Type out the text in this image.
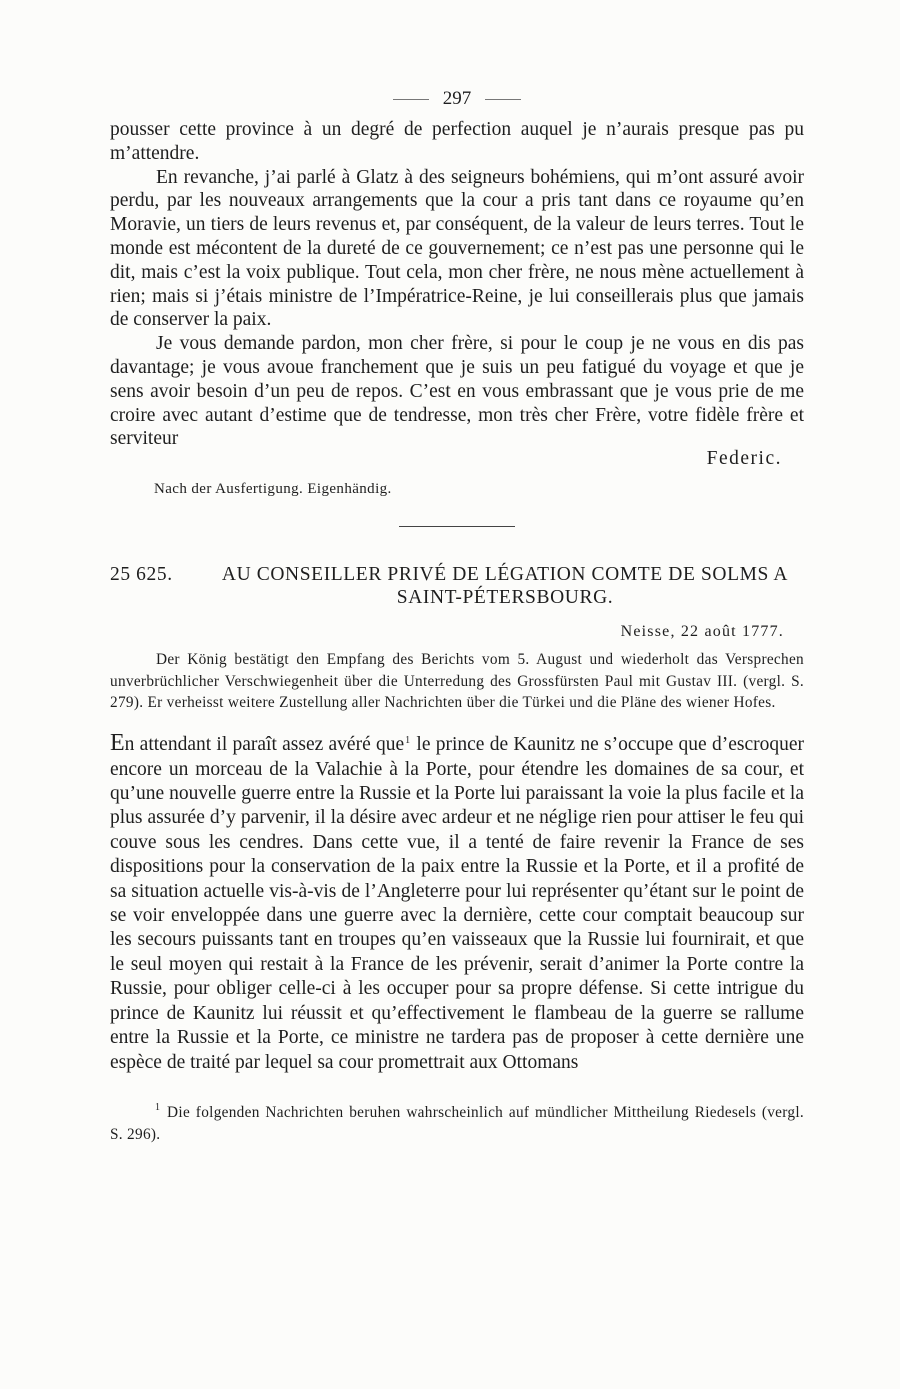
297

pousser cette province à un degré de perfection auquel je n’aurais presque pas pu m’attendre.

En revanche, j’ai parlé à Glatz à des seigneurs bohémiens, qui m’ont assuré avoir perdu, par les nouveaux arrangements que la cour a pris tant dans ce royaume qu’en Moravie, un tiers de leurs revenus et, par conséquent, de la valeur de leurs terres. Tout le monde est mécontent de la dureté de ce gouvernement; ce n’est pas une personne qui le dit, mais c’est la voix publique. Tout cela, mon cher frère, ne nous mène actuellement à rien; mais si j’étais ministre de l’Impératrice-Reine, je lui conseillerais plus que jamais de conserver la paix.

Je vous demande pardon, mon cher frère, si pour le coup je ne vous en dis pas davantage; je vous avoue franchement que je suis un peu fatigué du voyage et que je sens avoir besoin d’un peu de repos. C’est en vous embrassant que je vous prie de me croire avec autant d’estime que de tendresse, mon très cher Frère, votre fidèle frère et serviteur

Federic.
Nach der Ausfertigung. Eigenhändig.
25 625.	AU CONSEILLER PRIVÉ DE LÉGATION COMTE DE SOLMS A SAINT-PÉTERSBOURG.
Neisse, 22 août 1777.

Der König bestätigt den Empfang des Berichts vom 5. August und wiederholt das Versprechen unverbrüchlicher Verschwiegenheit über die Unterredung des Grossfürsten Paul mit Gustav III. (vergl. S. 279). Er verheisst weitere Zustellung aller Nachrichten über die Türkei und die Pläne des wiener Hofes.

En attendant il paraît assez avéré que$^1$ le prince de Kaunitz ne s’occupe que d’escroquer encore un morceau de la Valachie à la Porte, pour étendre les domaines de sa cour, et qu’une nouvelle guerre entre la Russie et la Porte lui paraissant la voie la plus facile et la plus assurée d’y parvenir, il la désire avec ardeur et ne néglige rien pour attiser le feu qui couve sous les cendres. Dans cette vue, il a tenté de faire revenir la France de ses dispositions pour la conservation de la paix entre la Russie et la Porte, et il a profité de sa situation actuelle vis-à-vis de l’Angleterre pour lui représenter qu’étant sur le point de se voir enveloppée dans une guerre avec la dernière, cette cour comptait beaucoup sur les secours puissants tant en troupes qu’en vaisseaux que la Russie lui fournirait, et que le seul moyen qui restait à la France de les prévenir, serait d’animer la Porte contre la Russie, pour obliger celle-ci à les occuper pour sa propre défense. Si cette intrigue du prince de Kaunitz lui réussit et qu’effectivement le flambeau de la guerre se rallume entre la Russie et la Porte, ce ministre ne tardera pas de proposer à cette dernière une espèce de traité par lequel sa cour promettrait aux Ottomans

$^1$ Die folgenden Nachrichten beruhen wahrscheinlich auf mündlicher Mittheilung Riedesels (vergl. S. 296).
